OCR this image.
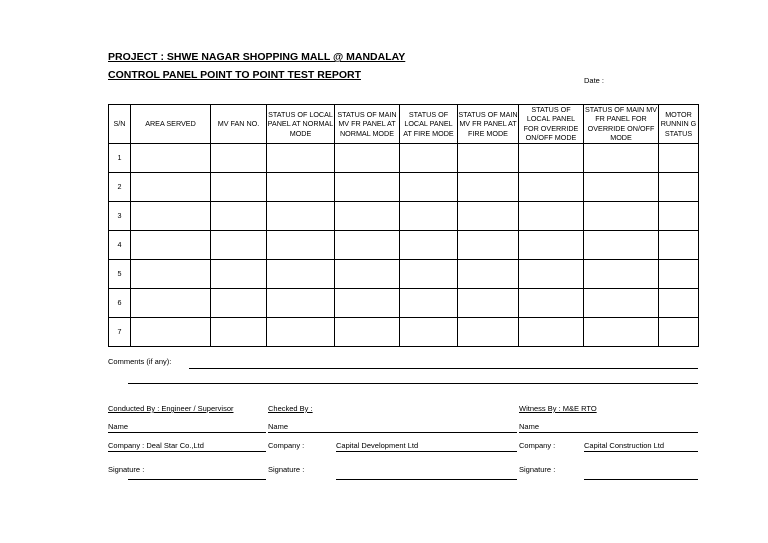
PROJECT : SHWE NAGAR SHOPPING MALL @ MANDALAY
CONTROL PANEL POINT TO POINT TEST REPORT	Date :
S/N	AREA SERVED	MV FAN NO.	STATUS OF LOCAL PANEL AT NORMAL MODE	STATUS OF MAIN MV FR PANEL AT NORMAL MODE	STATUS OF LOCAL PANEL AT FIRE MODE	STATUS OF MAIN MV FR PANEL AT FIRE MODE	STATUS OF LOCAL PANEL FOR OVERRIDE ON/OFF MODE	STATUS OF MAIN MV FR PANEL FOR OVERRIDE ON/OFF MODE	MOTOR RUNNIN G STATUS
1									
2									
3									
4									
5									
6									
7									
Comments (if any):
Conducted By : Engineer / Supervisor	Checked By :	Witness By : M&E RTO
Name	Name	Name
Company : Deal Star Co.,Ltd	Company :	Capital Development Ltd	Company :	Capital Construction Ltd
Signature :	Signature :	Signature :
